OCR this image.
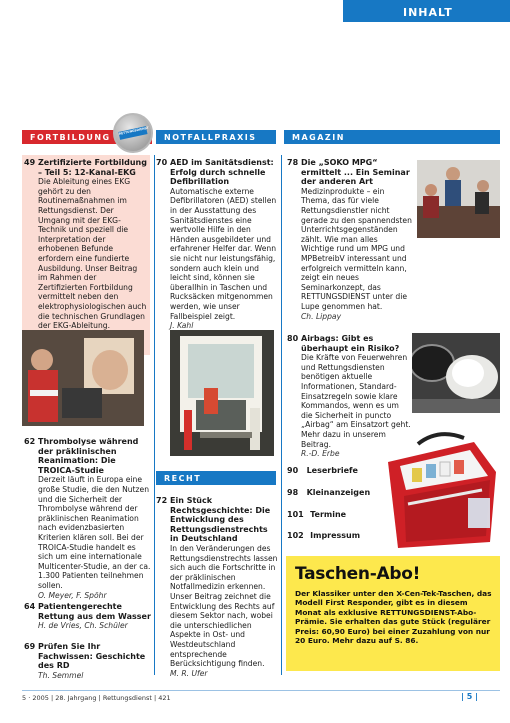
INHALT
FORTBILDUNG	NOTFALLPRAXIS	MAGAZIN
RETTUNGSDIENST
49 Zertifizierte Fortbildung – Teil 5: 12-Kanal-EKG
Die Ableitung eines EKG gehört zu den Routinemaßnahmen im Rettungsdienst. Der Umgang mit der EKG-Technik und speziell die Interpretation der erhobenen Befunde erfordern eine fundierte Ausbildung. Unser Beitrag im Rahmen der Zertifizierten Fortbildung vermittelt neben den elektrophysiologischen auch die technischen Grundlagen der EKG-Ableitung.
62 Thrombolyse während der präklinischen Reanimation: Die TROICA-Studie
Derzeit läuft in Europa eine große Studie, die den Nutzen und die Sicherheit der Thrombolyse während der präklinischen Reanimation nach evidenzbasierten Kriterien klären soll. Bei der TROICA-Studie handelt es sich um eine internationale Multicenter-Studie, an der ca. 1.300 Patienten teilnehmen sollen.
O. Meyer, F. Spöhr
64 Patientengerechte Rettung aus dem Wasser
H. de Vries, Ch. Schüler
69 Prüfen Sie Ihr Fachwissen: Geschichte des RD
Th. Semmel
70 AED im Sanitätsdienst: Erfolg durch schnelle Defibrillation
Automatische externe Defibrillatoren (AED) stellen in der Ausstattung des Sanitätsdienstes eine wertvolle Hilfe in den Händen ausgebildeter und erfahrener Helfer dar. Wenn sie nicht nur leistungsfähig, sondern auch klein und leicht sind, können sie überallhin in Taschen und Rucksäcken mitgenommen werden, wie unser Fallbeispiel zeigt.
J. Kahl
RECHT
72 Ein Stück Rechtsgeschichte: Die Entwicklung des Rettungsdienstrechts in Deutschland
In den Veränderungen des Rettungsdienstrechts lassen sich auch die Fortschritte in der präklinischen Notfallmedizin erkennen. Unser Beitrag zeichnet die Entwicklung des Rechts auf diesem Sektor nach, wobei die unterschiedlichen Aspekte in Ost- und Westdeutschland entsprechende Berücksichtigung finden.
M. R. Ufer
78 Die „SOKO MPG“ ermittelt ... Ein Seminar der anderen Art
Medizinprodukte – ein Thema, das für viele Rettungsdienstler nicht gerade zu den spannendsten Unterrichtsgegenständen zählt. Wie man alles Wichtige rund um MPG und MPBetreibV interessant und erfolgreich vermitteln kann, zeigt ein neues Seminarkonzept, das RETTUNGSDIENST unter die Lupe genommen hat.
Ch. Lippay
80 Airbags: Gibt es überhaupt ein Risiko?
Die Kräfte von Feuerwehren und Rettungsdiensten benötigen aktuelle Informationen, Standard-Einsatzregeln sowie klare Kommandos, wenn es um die Sicherheit in puncto „Airbag“ am Einsatzort geht. Mehr dazu in unserem Beitrag.
R.-D. Erbe
90 Leserbriefe
98 Kleinanzeigen
101 Termine
102 Impressum
Taschen-Abo!
Der Klassiker unter den X-Cen-Tek-Taschen, das Modell First Responder, gibt es in diesem Monat als exklusive RETTUNGSDIENST-Abo-Prämie. Sie erhalten das gute Stück (regulärer Preis: 60,90 Euro) bei einer Zuzahlung von nur 20 Euro. Mehr dazu auf S. 86.
5 · 2005 | 28. Jahrgang | Rettungsdienst | 421	| 5 |
